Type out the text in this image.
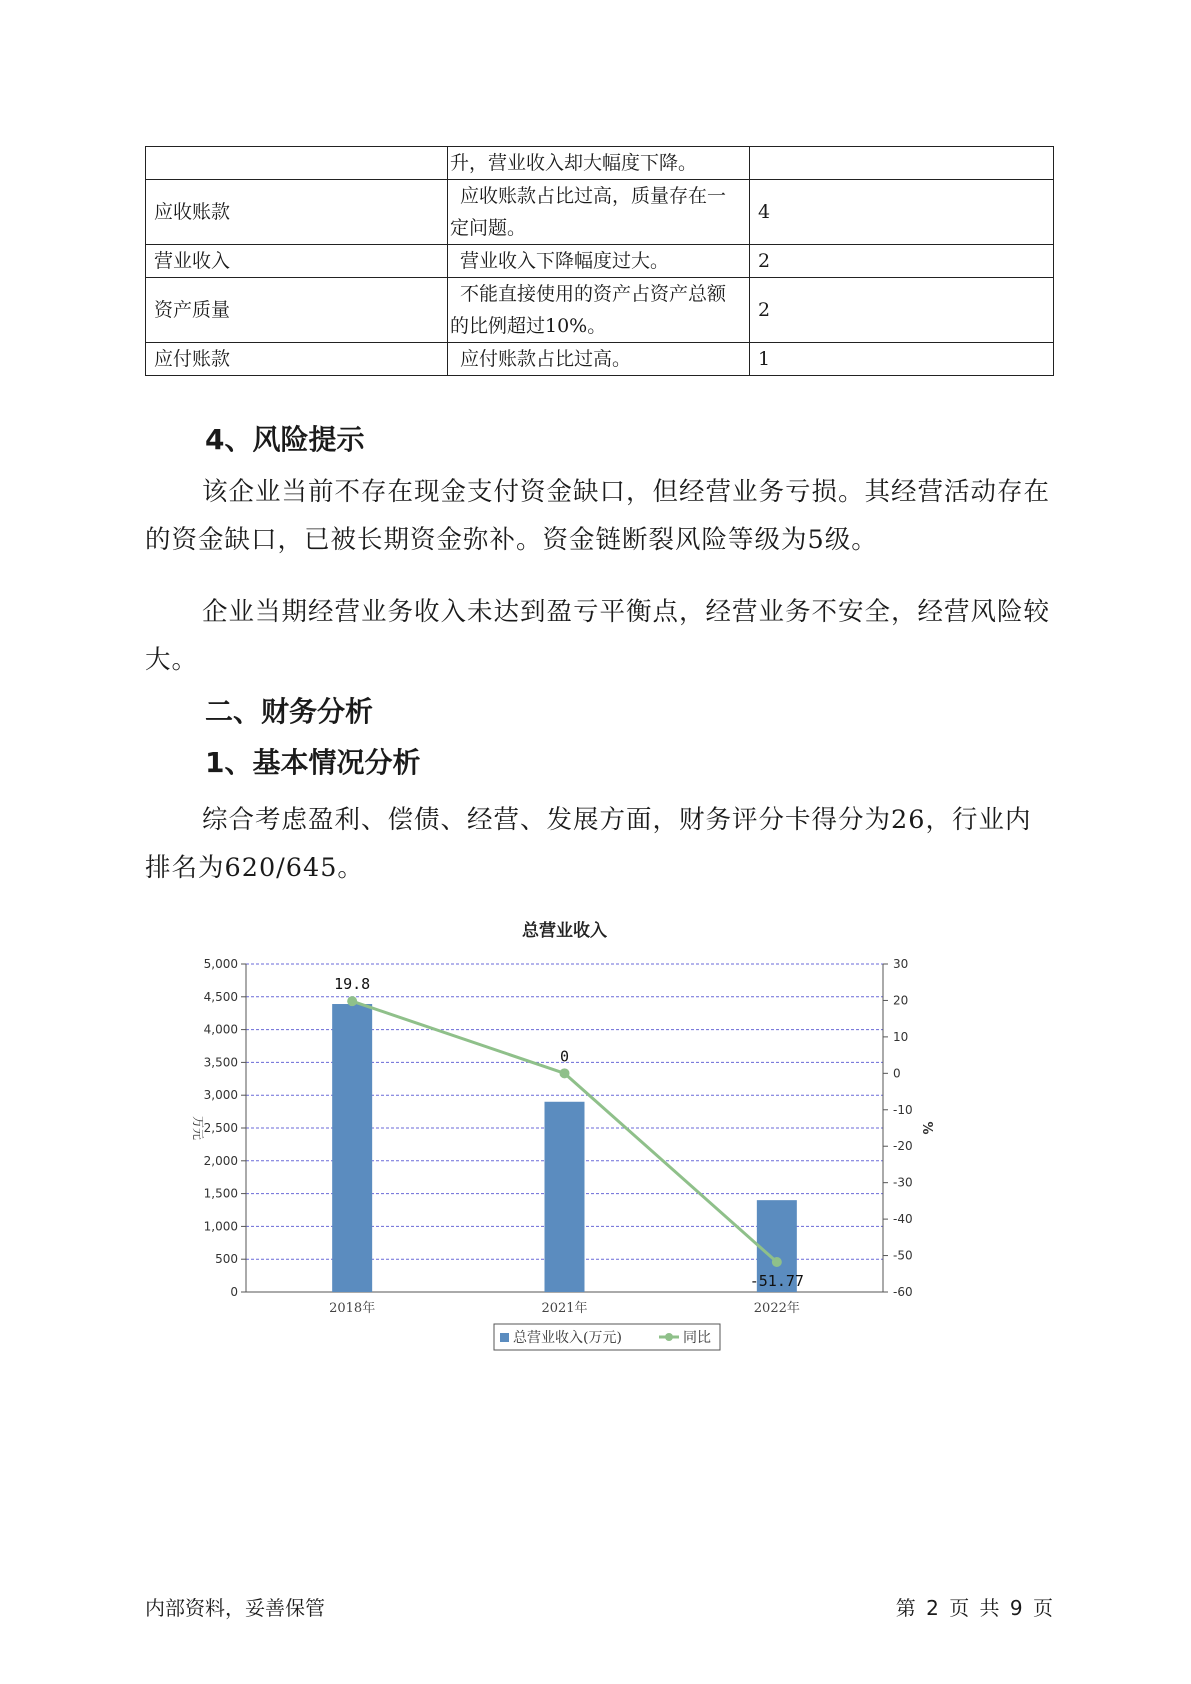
	升，营业收入却大幅度下降。	

应收账款	应收账款占比过高，质量存在一
定问题。	4
营业收入	营业收入下降幅度过大。	2
资产质量	不能直接使用的资产占资产总额
的比例超过10%。	2
应付账款	应付账款占比过高。	1
4、风险提示

该企业当前不存在现金支付资金缺口，但经营业务亏损。其经营活动存在的资金缺口，已被长期资金弥补。资金链断裂风险等级为5级。

企业当期经营业务收入未达到盈亏平衡点，经营业务不安全，经营风险较大。

二、财务分析
1、基本情况分析

综合考虑盈利、偿债、经营、发展方面，财务评分卡得分为26，行业内排名为620/645。

总营业收入
0
500
1,000
1,500
2,000
2,500
3,000
3,500
4,000
4,500
5,000
-60
-50
-40
-30
-20
-10
0
10
20
30
万元	%
2018年	2021年	2022年
19.8
0
-51.77
总营业收入(万元)	同比
内部资料，妥善保管	第 2 页 共 9 页
